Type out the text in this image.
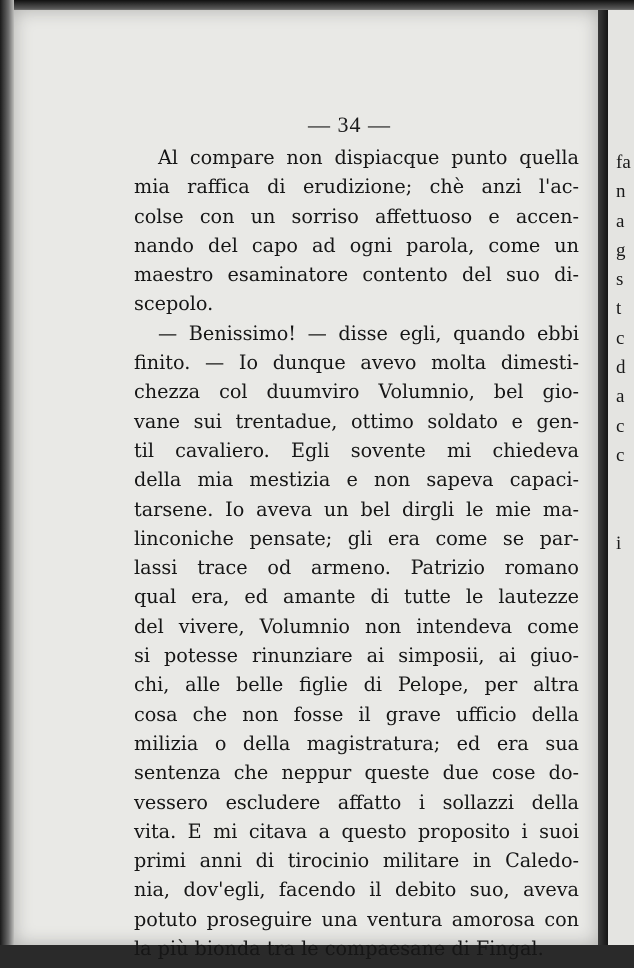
— 34 —
Al compare non dispiacque punto quella
mia raffica di erudizione; chè anzi l'ac-
colse con un sorriso affettuoso e accen-
nando del capo ad ogni parola, come un
maestro esaminatore contento del suo di-
scepolo.
— Benissimo! — disse egli, quando ebbi
finito. — Io dunque avevo molta dimesti-
chezza col duumviro Volumnio, bel gio-
vane sui trentadue, ottimo soldato e gen-
til cavaliero. Egli sovente mi chiedeva
della mia mestizia e non sapeva capaci-
tarsene. Io aveva un bel dirgli le mie ma-
linconiche pensate; gli era come se par-
lassi trace od armeno. Patrizio romano
qual era, ed amante di tutte le lautezze
del vivere, Volumnio non intendeva come
si potesse rinunziare ai simposii, ai giuo-
chi, alle belle figlie di Pelope, per altra
cosa che non fosse il grave ufficio della
milizia o della magistratura; ed era sua
sentenza che neppur queste due cose do-
vessero escludere affatto i sollazzi della
vita. E mi citava a questo proposito i suoi
primi anni di tirocinio militare in Caledo-
nia, dov'egli, facendo il debito suo, aveva
potuto proseguire una ventura amorosa con
la più bionda tra le compaesane di Fingal.
fa
n
a
g
s
t
c
d
a
c
c
i
